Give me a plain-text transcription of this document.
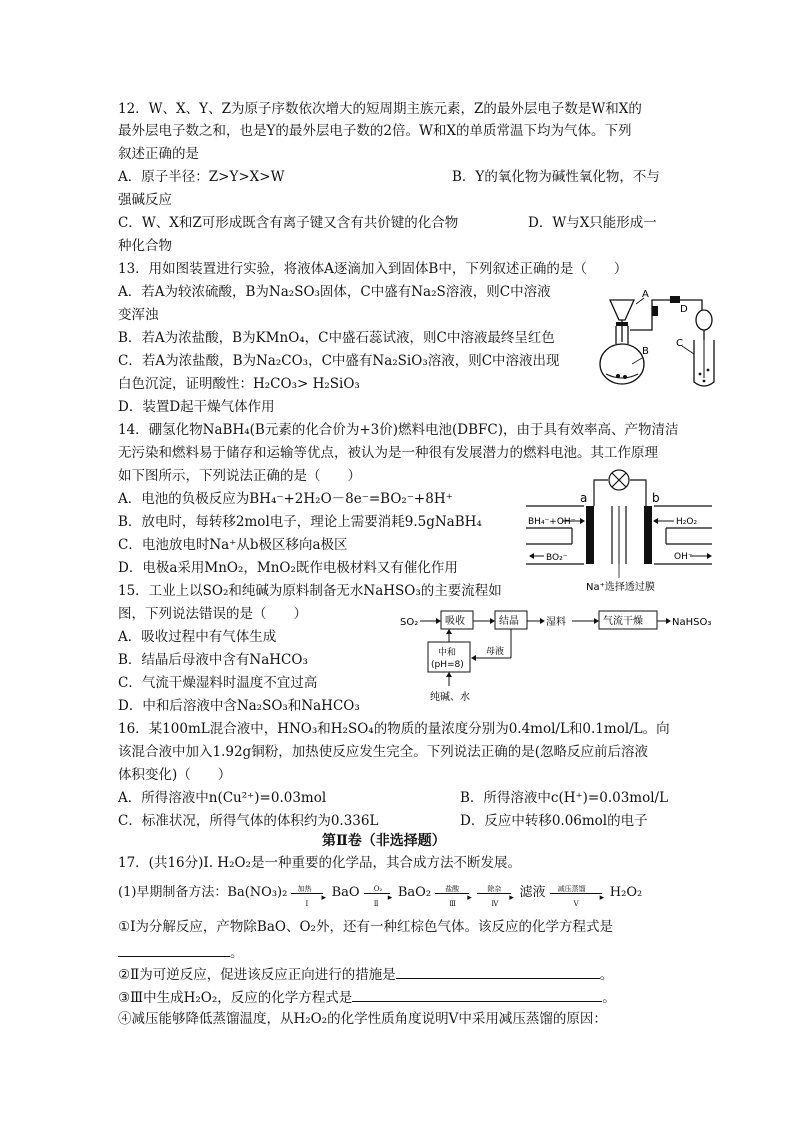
12．W、X、Y、Z为原子序数依次增大的短周期主族元素，Z的最外层电子数是W和X的
最外层电子数之和，也是Y的最外层电子数的2倍。W和X的单质常温下均为气体。下列
叙述正确的是
A．原子半径：Z>Y>X>W	B．Y的氧化物为碱性氧化物，不与
强碱反应
C．W、X和Z可形成既含有离子键又含有共价键的化合物	D．W与X只能形成一
种化合物
13．用如图装置进行实验，将液体A逐滴加入到固体B中，下列叙述正确的是（　　）
A．若A为较浓硫酸，B为Na₂SO₃固体，C中盛有Na₂S溶液，则C中溶液
变浑浊
B．若A为浓盐酸，B为KMnO₄，C中盛石蕊试液，则C中溶液最终呈红色
C．若A为浓盐酸，B为Na₂CO₃，C中盛有Na₂SiO₃溶液，则C中溶液出现
白色沉淀，证明酸性：H₂CO₃> H₂SiO₃
D．装置D起干燥气体作用
A
B
D
C
14．硼氢化物NaBH₄(B元素的化合价为+3价)燃料电池(DBFC)，由于具有效率高、产物清洁
无污染和燃料易于储存和运输等优点，被认为是一种很有发展潜力的燃料电池。其工作原理
如下图所示，下列说法正确的是（　　）
A．电池的负极反应为BH₄⁻+2H₂O－8e⁻=BO₂⁻+8H⁺
B．放电时，每转移2mol电子，理论上需要消耗9.5gNaBH₄
C．电池放电时Na⁺从b极区移向a极区
D．电极a采用MnO₂，MnO₂既作电极材料又有催化作用
a	b
BH₄⁻+OH⁻
BO₂⁻
H₂O₂
OH⁻
Na⁺选择透过膜
15．工业上以SO₂和纯碱为原料制备无水NaHSO₃的主要流程如
图，下列说法错误的是（　　）
A．吸收过程中有气体生成
B．结晶后母液中含有NaHCO₃
C．气流干燥湿料时温度不宜过高
D．中和后溶液中含Na₂SO₃和NaHCO₃
SO₂	吸收	结晶	湿料	气流干燥	NaHSO₃
中和
(pH=8)
母液
纯碱、水
16．某100mL混合液中，HNO₃和H₂SO₄的物质的量浓度分别为0.4mol/L和0.1mol/L。向
该混合液中加入1.92g铜粉，加热使反应发生完全。下列说法正确的是(忽略反应前后溶液
体积变化)（　　）
A．所得溶液中n(Cu²⁺)=0.03mol	B．所得溶液中c(H⁺)=0.03mol/L
C．标准状况，所得气体的体积约为0.336L	D．反应中转移0.06mol的电子
第Ⅱ卷（非选择题）
17．(共16分)Ⅰ. H₂O₂是一种重要的化学品，其合成方法不断发展。
(1)早期制备方法：Ba(NO₃)₂ 加热
▸
Ⅰ
BaO O₂
▸
Ⅱ
BaO₂ 盐酸
▸
Ⅲ

除杂
▸
Ⅳ
滤液 减压蒸馏
▸
Ⅴ
H₂O₂
①Ⅰ为分解反应，产物除BaO、O₂外，还有一种红棕色气体。该反应的化学方程式是
。
②Ⅱ为可逆反应，促进该反应正向进行的措施是	。
③Ⅲ中生成H₂O₂，反应的化学方程式是	。
④减压能够降低蒸馏温度，从H₂O₂的化学性质角度说明Ⅴ中采用减压蒸馏的原因：
